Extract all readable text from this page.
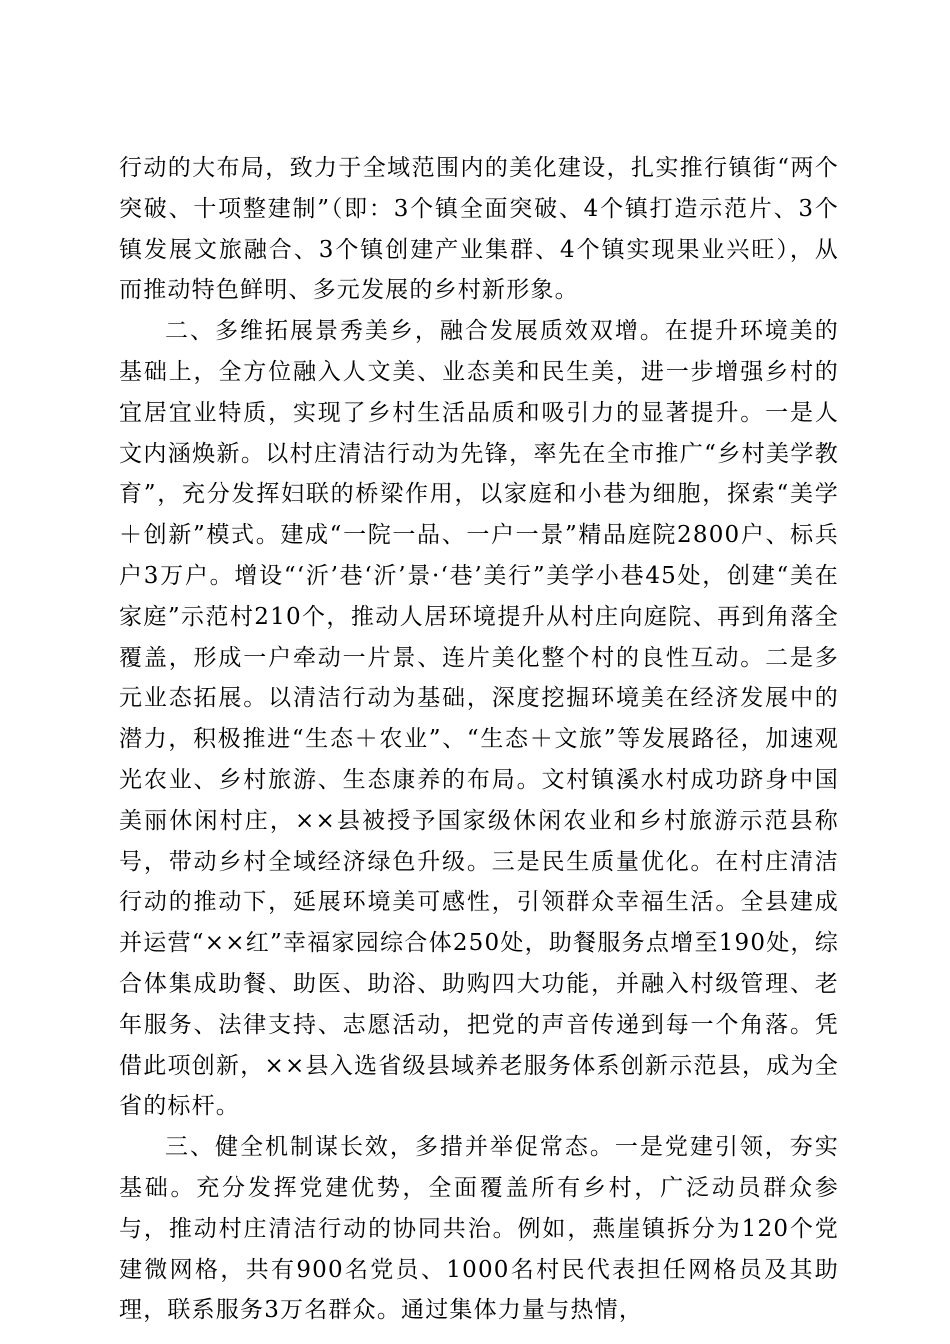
行动的大布局，致力于全域范围内的美化建设，扎实推行镇街“两个突破、十项整建制”（即：3个镇全面突破、4个镇打造示范片、3个镇发展文旅融合、3个镇创建产业集群、4个镇实现果业兴旺），从而推动特色鲜明、多元发展的乡村新形象。

二、多维拓展景秀美乡，融合发展质效双增。在提升环境美的基础上，全方位融入人文美、业态美和民生美，进一步增强乡村的宜居宜业特质，实现了乡村生活品质和吸引力的显著提升。一是人文内涵焕新。以村庄清洁行动为先锋，率先在全市推广“乡村美学教育”，充分发挥妇联的桥梁作用，以家庭和小巷为细胞，探索“美学＋创新”模式。建成“一院一品、一户一景”精品庭院2800户、标兵户3万户。增设“‘沂’巷‘沂’景·‘巷’美行”美学小巷45处，创建“美在家庭”示范村210个，推动人居环境提升从村庄向庭院、再到角落全覆盖，形成一户牵动一片景、连片美化整个村的良性互动。二是多元业态拓展。以清洁行动为基础，深度挖掘环境美在经济发展中的潜力，积极推进“生态＋农业”、“生态＋文旅”等发展路径，加速观光农业、乡村旅游、生态康养的布局。文村镇溪水村成功跻身中国美丽休闲村庄，××县被授予国家级休闲农业和乡村旅游示范县称号，带动乡村全域经济绿色升级。三是民生质量优化。在村庄清洁行动的推动下，延展环境美可感性，引领群众幸福生活。全县建成并运营“××红”幸福家园综合体250处，助餐服务点增至190处，综合体集成助餐、助医、助浴、助购四大功能，并融入村级管理、老年服务、法律支持、志愿活动，把党的声音传递到每一个角落。凭借此项创新，××县入选省级县域养老服务体系创新示范县，成为全省的标杆。

三、健全机制谋长效，多措并举促常态。一是党建引领，夯实基础。充分发挥党建优势，全面覆盖所有乡村，广泛动员群众参与，推动村庄清洁行动的协同共治。例如，燕崖镇拆分为120个党建微网格，共有900名党员、1000名村民代表担任网格员及其助理，联系服务3万名群众。通过集体力量与热情，
